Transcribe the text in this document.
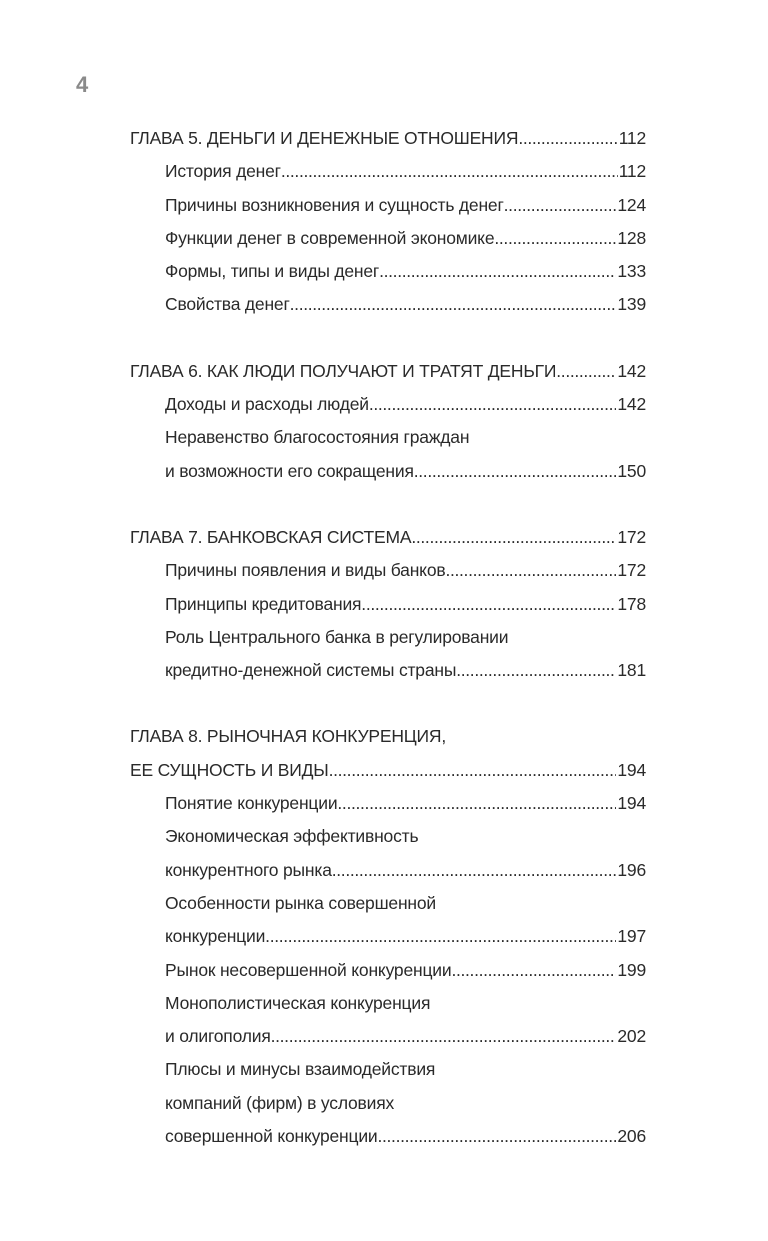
4
ГЛАВА 5. ДЕНЬГИ И ДЕНЕЖНЫЕ ОТНОШЕНИЯ . . .	112
История денег . . .	112
Причины возникновения и сущность денег . . .	124
Функции денег в современной экономике . . .	128
Формы, типы и виды денег . . .	133
Свойства денег . . .	139
ГЛАВА 6. КАК ЛЮДИ ПОЛУЧАЮТ И ТРАТЯТ ДЕНЬГИ . . .	142
Доходы и расходы людей . . .	142
Неравенство благосостояния граждан
и возможности его сокращения . . .	150
ГЛАВА 7. БАНКОВСКАЯ СИСТЕМА . . .	172
Причины появления и виды банков . . .	172
Принципы кредитования . . .	178
Роль Центрального банка в регулировании
кредитно-денежной системы страны . . .	181
ГЛАВА 8. РЫНОЧНАЯ КОНКУРЕНЦИЯ,
ЕЕ СУЩНОСТЬ И ВИДЫ . . .	194
Понятие конкуренции . . .	194
Экономическая эффективность
конкурентного рынка . . .	196
Особенности рынка совершенной
конкуренции . . .	197
Рынок несовершенной конкуренции . . .	199
Монополистическая конкуренция
и олигополия . . .	202
Плюсы и минусы взаимодействия
компаний (фирм) в условиях
совершенной конкуренции . . .	206
